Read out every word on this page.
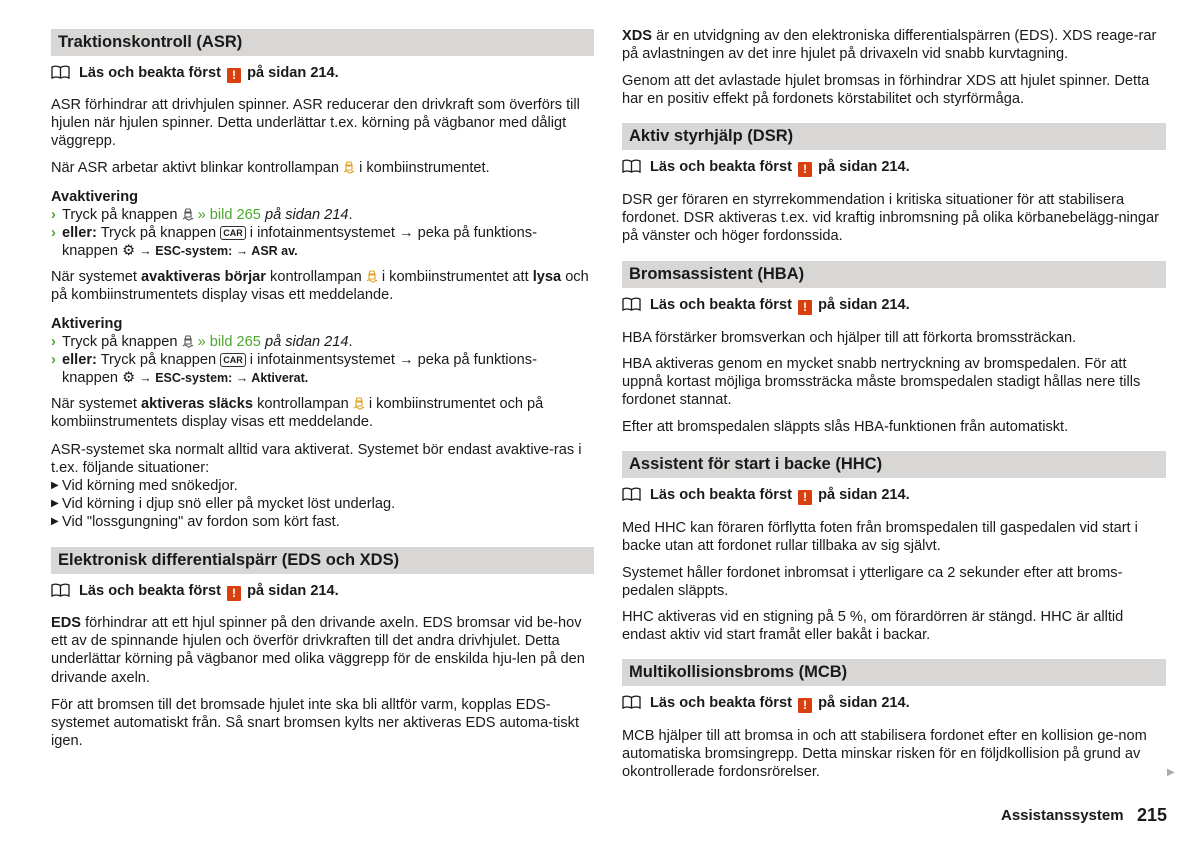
Traktionskontroll (ASR)
Läs och beakta först ! på sidan 214.
ASR förhindrar att drivhjulen spinner. ASR reducerar den drivkraft som överförs till hjulen när hjulen spinner. Detta underlättar t.ex. körning på vägbanor med dåligt väggrepp.
När ASR arbetar aktivt blinkar kontrollampan i kombiinstrumentet.
Avaktivering
› Tryck på knappen » bild 265 på sidan 214.
› eller: Tryck på knappen CAR i infotainmentsystemet → peka på funktions-
knappen ⚙ → ESC-system: → ASR av.
När systemet avaktiveras börjar kontrollampan i kombiinstrumentet att lysa och på kombiinstrumentets display visas ett meddelande.
Aktivering
› Tryck på knappen » bild 265 på sidan 214.
› eller: Tryck på knappen CAR i infotainmentsystemet → peka på funktions-
knappen ⚙ → ESC-system: → Aktiverat.
När systemet aktiveras släcks kontrollampan i kombiinstrumentet och på kombiinstrumentets display visas ett meddelande.
ASR-systemet ska normalt alltid vara aktiverat. Systemet bör endast avaktive-ras i t.ex. följande situationer:
▶ Vid körning med snökedjor.
▶ Vid körning i djup snö eller på mycket löst underlag.
▶ Vid "lossgungning" av fordon som kört fast.
Elektronisk differentialspärr (EDS och XDS)
Läs och beakta först ! på sidan 214.
EDS förhindrar att ett hjul spinner på den drivande axeln. EDS bromsar vid be-hov ett av de spinnande hjulen och överför drivkraften till det andra drivhjulet. Detta underlättar körning på vägbanor med olika väggrepp för de enskilda hju-len på den drivande axeln.
För att bromsen till det bromsade hjulet inte ska bli alltför varm, kopplas EDS-systemet automatiskt från. Så snart bromsen kylts ner aktiveras EDS automa-tiskt igen.
XDS är en utvidgning av den elektroniska differentialspärren (EDS). XDS reage-rar på avlastningen av det inre hjulet på drivaxeln vid snabb kurvtagning.
Genom att det avlastade hjulet bromsas in förhindrar XDS att hjulet spinner. Detta har en positiv effekt på fordonets körstabilitet och styrförmåga.
Aktiv styrhjälp (DSR)
Läs och beakta först ! på sidan 214.
DSR ger föraren en styrrekommendation i kritiska situationer för att stabilisera fordonet. DSR aktiveras t.ex. vid kraftig inbromsning på olika körbanebelägg-ningar på vänster och höger fordonssida.
Bromsassistent (HBA)
Läs och beakta först ! på sidan 214.
HBA förstärker bromsverkan och hjälper till att förkorta bromssträckan.
HBA aktiveras genom en mycket snabb nertryckning av bromspedalen. För att uppnå kortast möjliga bromssträcka måste bromspedalen stadigt hållas nere tills fordonet stannat.
Efter att bromspedalen släppts slås HBA-funktionen från automatiskt.
Assistent för start i backe (HHC)
Läs och beakta först ! på sidan 214.
Med HHC kan föraren förflytta foten från bromspedalen till gaspedalen vid start i backe utan att fordonet rullar tillbaka av sig självt.
Systemet håller fordonet inbromsat i ytterligare ca 2 sekunder efter att broms-pedalen släppts.
HHC aktiveras vid en stigning på 5 %, om förardörren är stängd. HHC är alltid endast aktiv vid start framåt eller bakåt i backar.
Multikollisionsbroms (MCB)
Läs och beakta först ! på sidan 214.
MCB hjälper till att bromsa in och att stabilisera fordonet efter en kollision ge-nom automatiska bromsingrepp. Detta minskar risken för en följdkollision på grund av okontrollerade fordonsrörelser.	▶
Assistanssystem 215
